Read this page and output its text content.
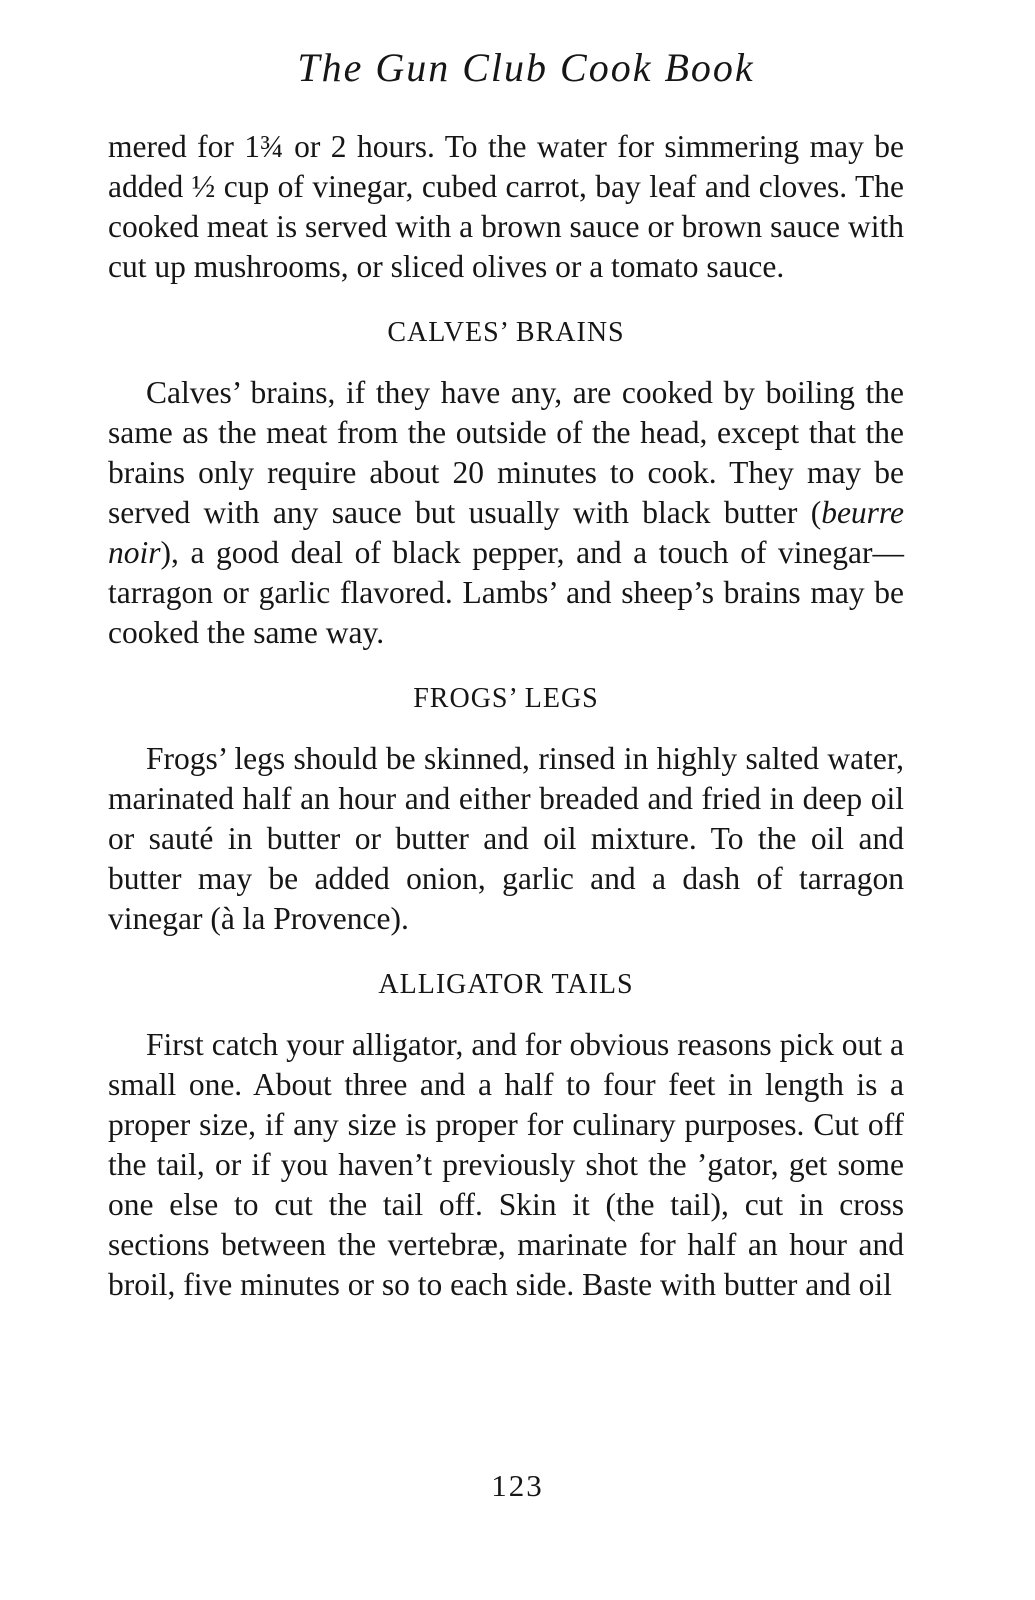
The Gun Club Cook Book

mered for 1¾ or 2 hours. To the water for simmering may be added ½ cup of vinegar, cubed carrot, bay leaf and cloves. The cooked meat is served with a brown sauce or brown sauce with cut up mushrooms, or sliced olives or a tomato sauce.

CALVES’ BRAINS

Calves’ brains, if they have any, are cooked by boiling the same as the meat from the outside of the head, except that the brains only require about 20 minutes to cook. They may be served with any sauce but usually with black butter (beurre noir), a good deal of black pepper, and a touch of vinegar—tarragon or garlic flavored. Lambs’ and sheep’s brains may be cooked the same way.

FROGS’ LEGS

Frogs’ legs should be skinned, rinsed in highly salted water, marinated half an hour and either breaded and fried in deep oil or sauté in butter or butter and oil mixture. To the oil and butter may be added onion, garlic and a dash of tarragon vinegar (à la Provence).

ALLIGATOR TAILS

First catch your alligator, and for obvious reasons pick out a small one. About three and a half to four feet in length is a proper size, if any size is proper for culinary purposes. Cut off the tail, or if you haven’t previously shot the ’gator, get some one else to cut the tail off. Skin it (the tail), cut in cross sections between the vertebræ, marinate for half an hour and broil, five minutes or so to each side. Baste with butter and oil

123
